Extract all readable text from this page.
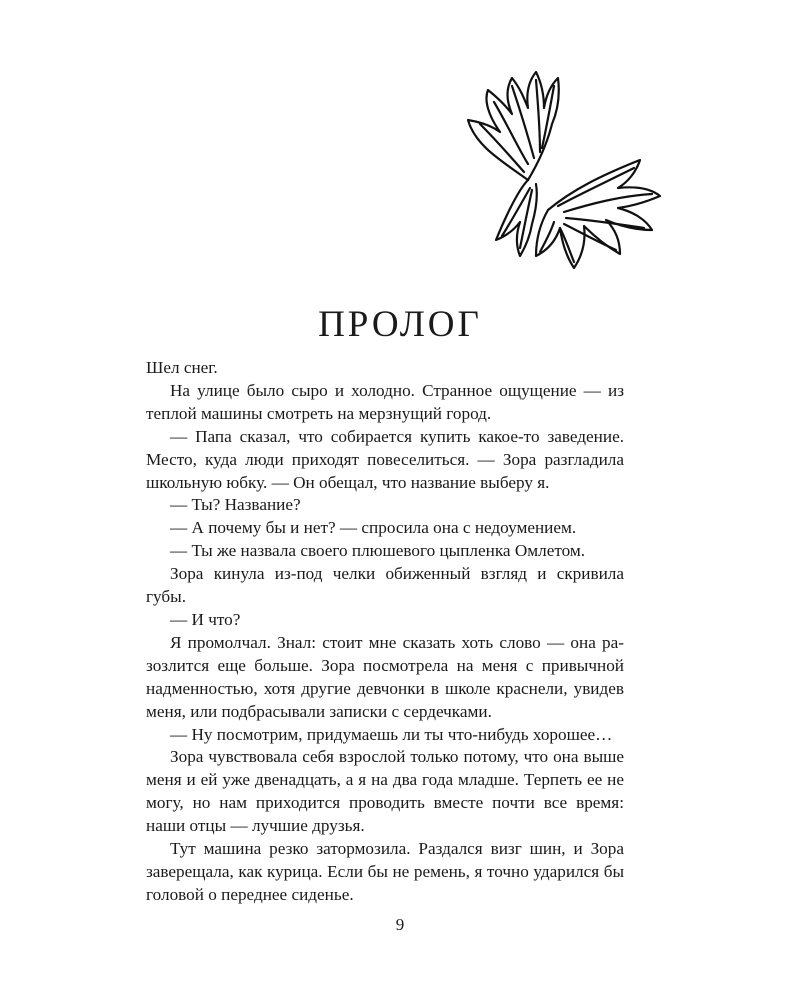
ПРОЛОГ

Шел снег.

На улице было сыро и холодно. Странное ощущение — из теплой машины смотреть на мерзнущий город.

— Папа сказал, что собирается купить какое-то заведение. Место, куда люди приходят повеселиться. — Зора разгладила школьную юбку. — Он обещал, что название выберу я.

— Ты? Название?

— А почему бы и нет? — спросила она с недоумением.

— Ты же назвала своего плюшевого цыпленка Омлетом.

Зора кинула из-под челки обиженный взгляд и скривила губы.

— И что?

Я промолчал. Знал: стоит мне сказать хоть слово — она разозлится еще больше. Зора посмотрела на меня с привычной надменностью, хотя другие девчонки в школе краснели, увидев меня, или подбрасывали записки с сердечками.

— Ну посмотрим, придумаешь ли ты что-нибудь хорошее…

Зора чувствовала себя взрослой только потому, что она выше меня и ей уже двенадцать, а я на два года младше. Терпеть ее не могу, но нам приходится проводить вместе почти все время: наши отцы — лучшие друзья.

Тут машина резко затормозила. Раздался визг шин, и Зора заверещала, как курица. Если бы не ремень, я точно ударился бы головой о переднее сиденье.

9
